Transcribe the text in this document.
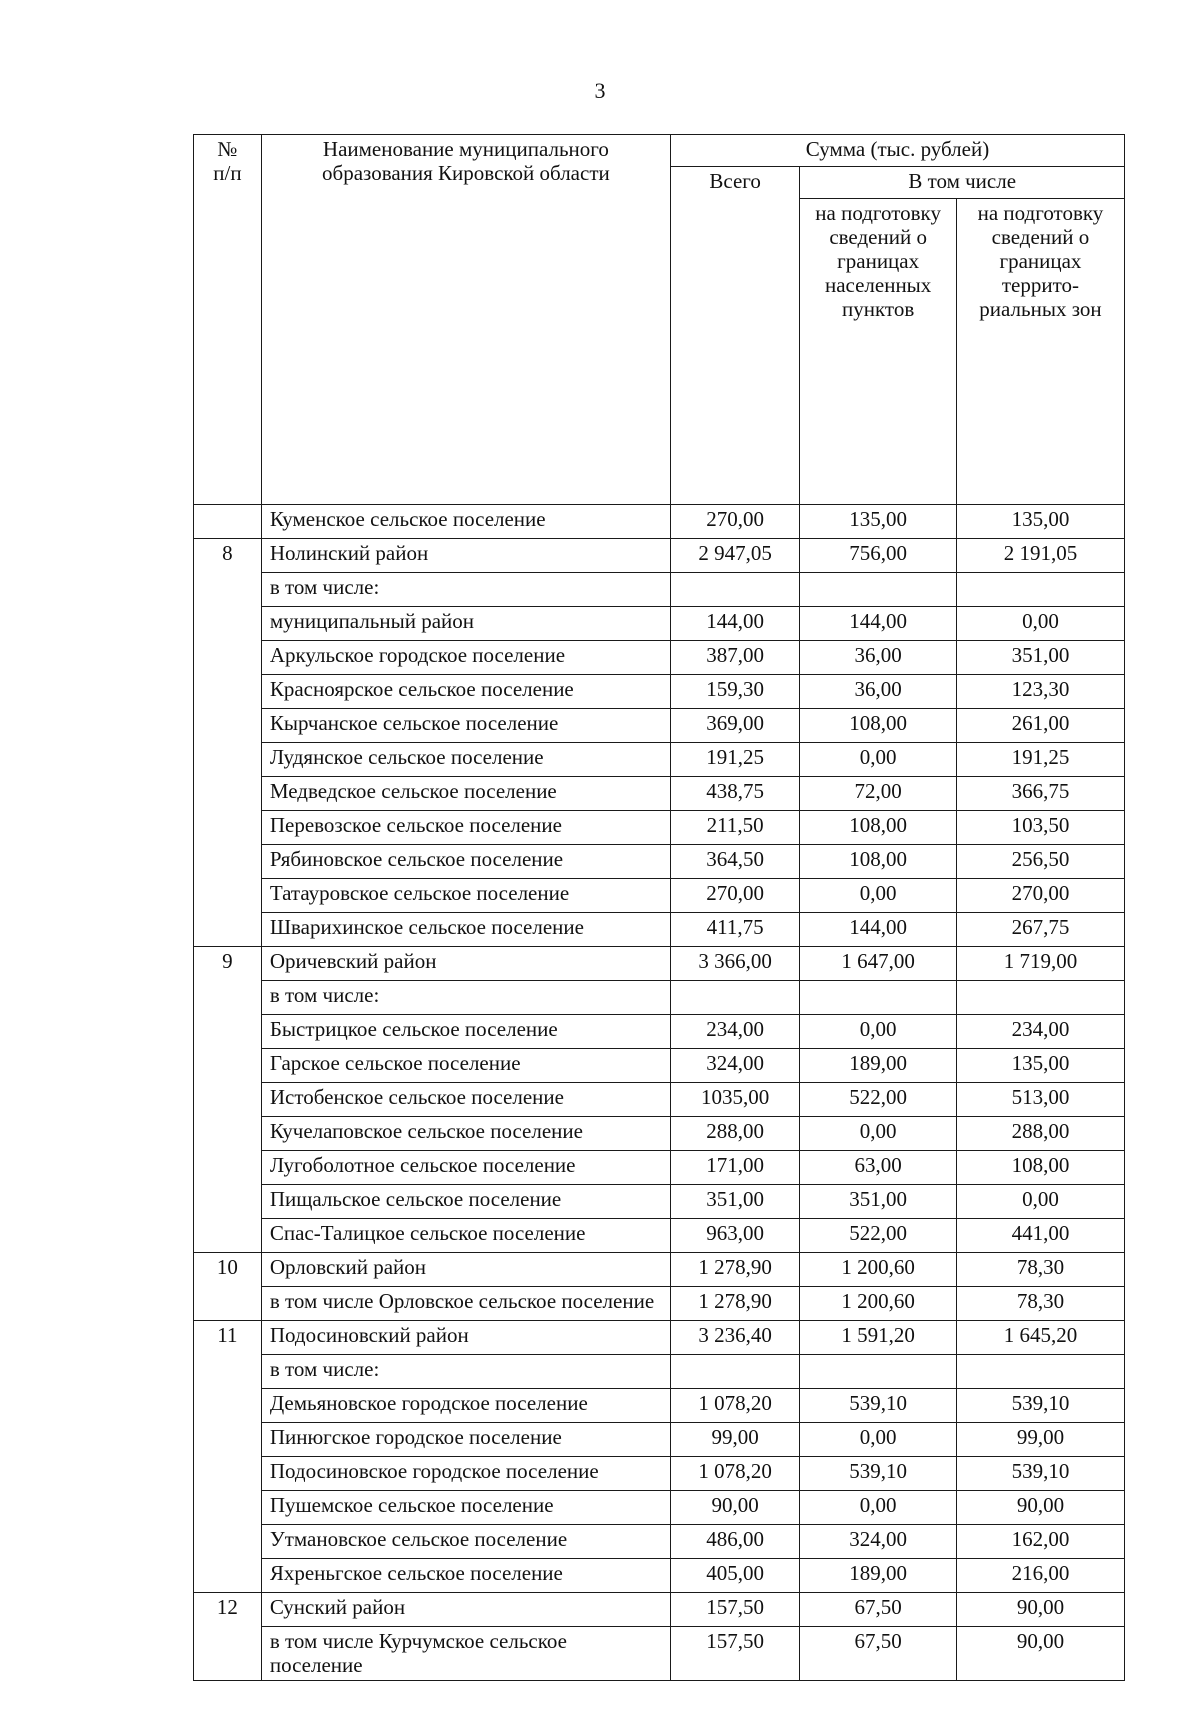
3
№
п/п	Наименование муниципального образования Кировской области	Сумма (тыс. рублей)		
		Всего	В том числе	
			на подготовку сведений о границах населенных пунктов	на подготовку сведений о границах террито-риальных зон
	Куменское сельское поселение	270,00	135,00	135,00
8	Нолинский район	2 947,05	756,00	2 191,05
	в том числе:			
	муниципальный район	144,00	144,00	0,00
	Аркульское городское поселение	387,00	36,00	351,00
	Красноярское сельское поселение	159,30	36,00	123,30
	Кырчанское сельское поселение	369,00	108,00	261,00
	Лудянское сельское поселение	191,25	0,00	191,25
	Медведское сельское поселение	438,75	72,00	366,75
	Перевозское сельское поселение	211,50	108,00	103,50
	Рябиновское сельское поселение	364,50	108,00	256,50
	Татауровское сельское поселение	270,00	0,00	270,00
	Шварихинское сельское поселение	411,75	144,00	267,75
9	Оричевский район	3 366,00	1 647,00	1 719,00
	в том числе:			
	Быстрицкое сельское поселение	234,00	0,00	234,00
	Гарское сельское поселение	324,00	189,00	135,00
	Истобенское сельское поселение	1035,00	522,00	513,00
	Кучелаповское сельское поселение	288,00	0,00	288,00
	Лугоболотное сельское поселение	171,00	63,00	108,00
	Пищальское сельское поселение	351,00	351,00	0,00
	Спас-Талицкое сельское поселение	963,00	522,00	441,00
10	Орловский район	1 278,90	1 200,60	78,30
	в том числе Орловское сельское поселение	1 278,90	1 200,60	78,30
11	Подосиновский район	3 236,40	1 591,20	1 645,20
	в том числе:			
	Демьяновское городское поселение	1 078,20	539,10	539,10
	Пинюгское городское поселение	99,00	0,00	99,00
	Подосиновское городское поселение	1 078,20	539,10	539,10
	Пушемское сельское поселение	90,00	0,00	90,00
	Утмановское сельское поселение	486,00	324,00	162,00
	Яхреньгское сельское поселение	405,00	189,00	216,00
12	Сунский район	157,50	67,50	90,00
	в том числе Курчумское сельское поселение	157,50	67,50	90,00
